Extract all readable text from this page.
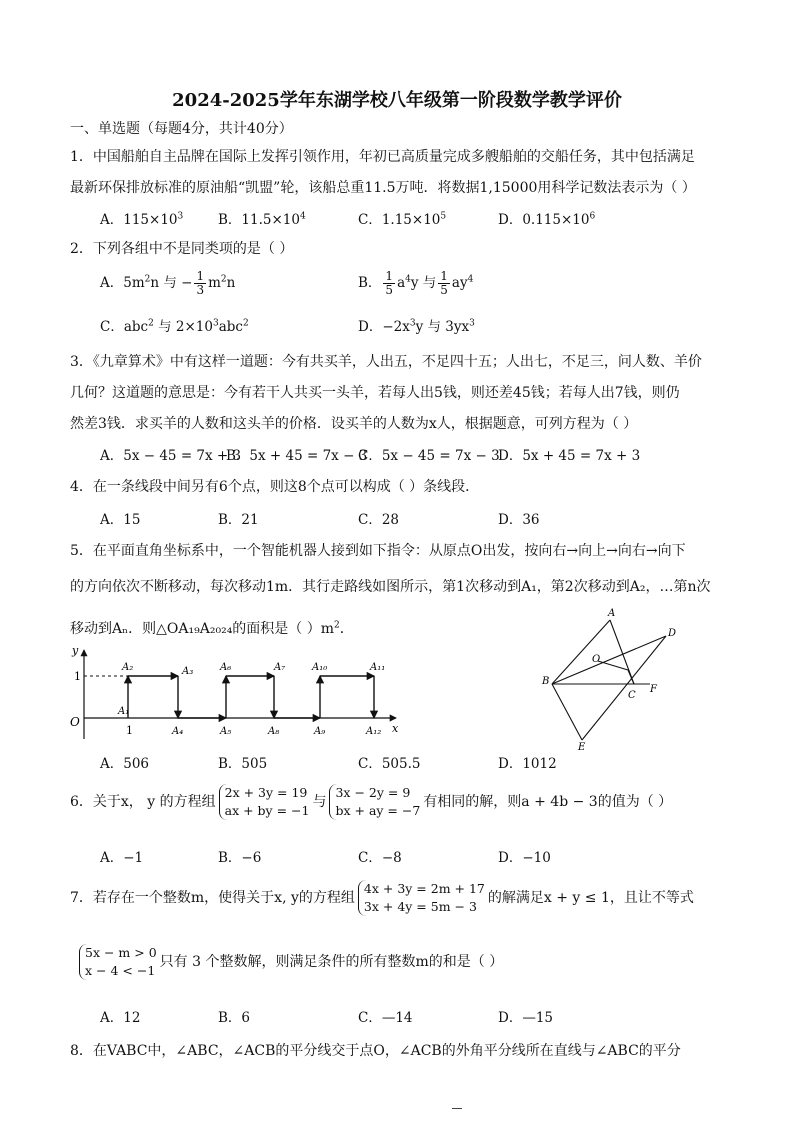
2024-2025学年东湖学校八年级第一阶段数学教学评价
一、单选题（每题4分，共计40分）
1．中国船舶自主品牌在国际上发挥引领作用，年初已高质量完成多艘船舶的交船任务，其中包括满足
最新环保排放标准的原油船“凯盟”轮，该船总重11.5万吨．将数据1,15000用科学记数法表示为（ ）
A．$115\times 10^3$	B．$11.5\times 10^4$	C．$1.15\times 10^5$	D．$0.115\times 10^6$
2．下列各组中不是同类项的是（ ）
A．$5m^2n$ 与 − $\frac{1}{3} m^2n$	B． $\frac{1}{5} a^4y$ 与 $\frac{1}{5} ay^4$
C．abc$^2$ 与 $2\times 10^3abc^2$	D．$-2x^3y$ 与 $3yx^3$
3．《九章算术》中有这样一道题：今有共买羊，人出五，不足四十五；人出七，不足三，问人数、羊价
几何？这道题的意思是：今有若干人共买一头羊，若每人出5钱，则还差45钱；若每人出7钱，则仍
然差3钱．求买羊的人数和这头羊的价格．设买羊的人数为x人，根据题意，可列方程为（ ）
A．5x − 45 = 7x + 3
B．5x + 45 = 7x − 3
C．5x − 45 = 7x − 3
D．5x + 45 = 7x + 3
4．在一条线段中间另有6个点，则这8个点可以构成（ ）条线段．
A．15	B．21	C．28	D．36
5．在平面直角坐标系中，一个智能机器人接到如下指令：从原点O出发，按向右→向上→向右→向下
的方向依次不断移动，每次移动1m．其行走路线如图所示，第1次移动到A₁，第2次移动到A₂，…第n次
移动到Aₙ．则△OA₁₉A₂₀₂₄的面积是（ ）$m^2$．
y
x
O
1
1
A₁
A₂	A₃
A₄	A₅
A₆	A₇
A₈	A₉
A₁₀	A₁₁
A₁₂
A
D
O
B
C
F
E
A．506	B．505	C．505.5	D．1012
6．关于x， y 的方程组
2x + 3y = 19
ax + by = −1
与
3x − 2y = 9
bx + ay = −7
有相同的解，则a + 4b − 3的值为（ ）
A．−1	B．−6	C．−8	D．−10
7．若存在一个整数m，使得关于x, y的方程组
4x + 3y = 2m + 17
3x + 4y = 5m − 3
的解满足x + y ≤ 1，且让不等式
5x − m > 0
x − 4 < −1
只有 3 个整数解，则满足条件的所有整数m的和是（ ）
A．12	B．6	C．—14	D．—15
8．在VABC中，∠ABC，∠ACB的平分线交于点O，∠ACB的外角平分线所在直线与∠ABC的平分
